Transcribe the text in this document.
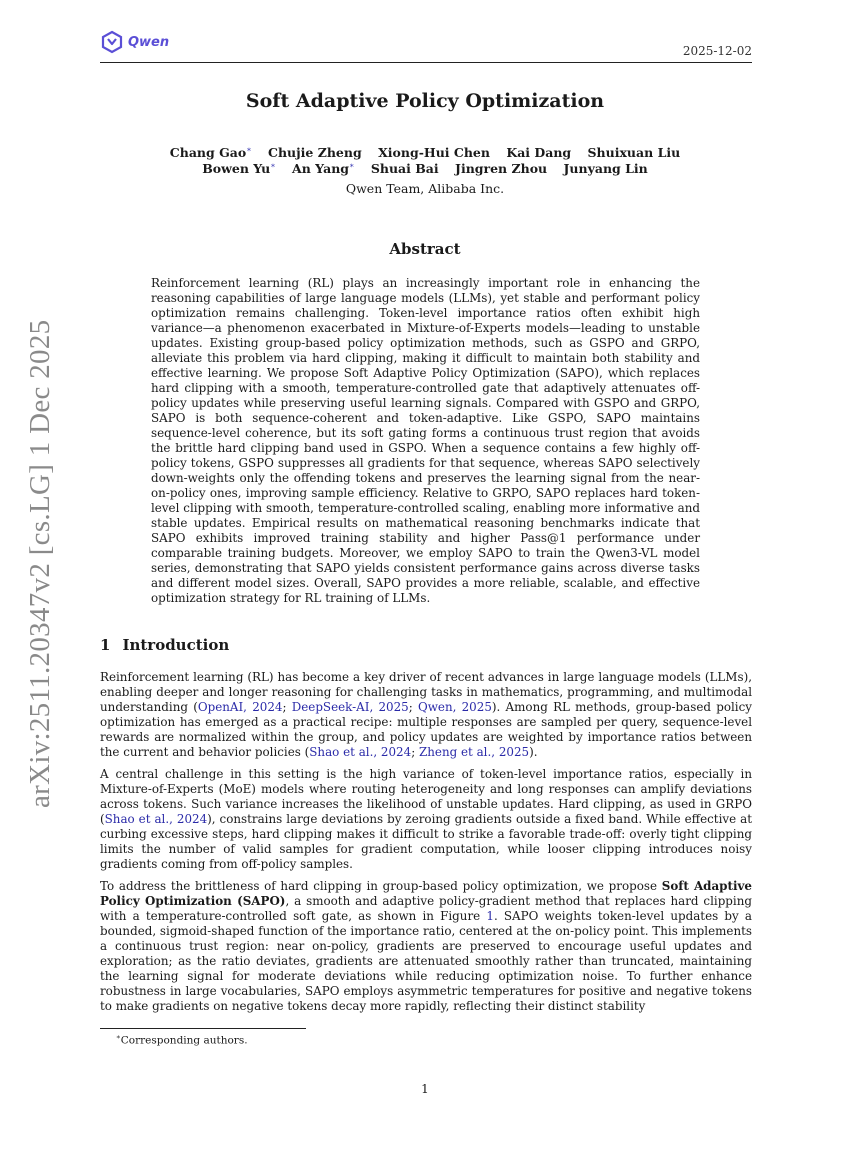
Qwen
2025-12-02
arXiv:2511.20347v2 [cs.LG] 1 Dec 2025
Soft Adaptive Policy Optimization
Chang Gao∗ Chujie Zheng Xiong-Hui Chen Kai Dang Shuixuan Liu
Bowen Yu∗ An Yang∗ Shuai Bai Jingren Zhou Junyang Lin
Qwen Team, Alibaba Inc.
Abstract
Reinforcement learning (RL) plays an increasingly important role in enhancing the reasoning capabilities of large language models (LLMs), yet stable and performant policy optimization remains challenging. Token-level importance ratios often exhibit high variance—a phenomenon exacerbated in Mixture-of-Experts models—leading to unstable updates. Existing group-based policy optimization methods, such as GSPO and GRPO, alleviate this problem via hard clipping, making it difficult to maintain both stability and effective learning. We propose Soft Adaptive Policy Optimization (SAPO), which replaces hard clipping with a smooth, temperature-controlled gate that adaptively attenuates off-policy updates while preserving useful learning signals. Compared with GSPO and GRPO, SAPO is both sequence-coherent and token-adaptive. Like GSPO, SAPO maintains sequence-level coherence, but its soft gating forms a continuous trust region that avoids the brittle hard clipping band used in GSPO. When a sequence contains a few highly off-policy tokens, GSPO suppresses all gradients for that sequence, whereas SAPO selectively down-weights only the offending tokens and preserves the learning signal from the near-on-policy ones, improving sample efficiency. Relative to GRPO, SAPO replaces hard token-level clipping with smooth, temperature-controlled scaling, enabling more informative and stable updates. Empirical results on mathematical reasoning benchmarks indicate that SAPO exhibits improved training stability and higher Pass@1 performance under comparable training budgets. Moreover, we employ SAPO to train the Qwen3-VL model series, demonstrating that SAPO yields consistent performance gains across diverse tasks and different model sizes. Overall, SAPO provides a more reliable, scalable, and effective optimization strategy for RL training of LLMs.
1 Introduction

Reinforcement learning (RL) has become a key driver of recent advances in large language models (LLMs), enabling deeper and longer reasoning for challenging tasks in mathematics, programming, and multimodal understanding (OpenAI, 2024; DeepSeek-AI, 2025; Qwen, 2025). Among RL methods, group-based policy optimization has emerged as a practical recipe: multiple responses are sampled per query, sequence-level rewards are normalized within the group, and policy updates are weighted by importance ratios between the current and behavior policies (Shao et al., 2024; Zheng et al., 2025).

A central challenge in this setting is the high variance of token-level importance ratios, especially in Mixture-of-Experts (MoE) models where routing heterogeneity and long responses can amplify deviations across tokens. Such variance increases the likelihood of unstable updates. Hard clipping, as used in GRPO (Shao et al., 2024), constrains large deviations by zeroing gradients outside a fixed band. While effective at curbing excessive steps, hard clipping makes it difficult to strike a favorable trade-off: overly tight clipping limits the number of valid samples for gradient computation, while looser clipping introduces noisy gradients coming from off-policy samples.

To address the brittleness of hard clipping in group-based policy optimization, we propose Soft Adaptive Policy Optimization (SAPO), a smooth and adaptive policy-gradient method that replaces hard clipping with a temperature-controlled soft gate, as shown in Figure 1. SAPO weights token-level updates by a bounded, sigmoid-shaped function of the importance ratio, centered at the on-policy point. This implements a continuous trust region: near on-policy, gradients are preserved to encourage useful updates and exploration; as the ratio deviates, gradients are attenuated smoothly rather than truncated, maintaining the learning signal for moderate deviations while reducing optimization noise. To further enhance robustness in large vocabularies, SAPO employs asymmetric temperatures for positive and negative tokens to make gradients on negative tokens decay more rapidly, reflecting their distinct stability

∗Corresponding authors.
1
